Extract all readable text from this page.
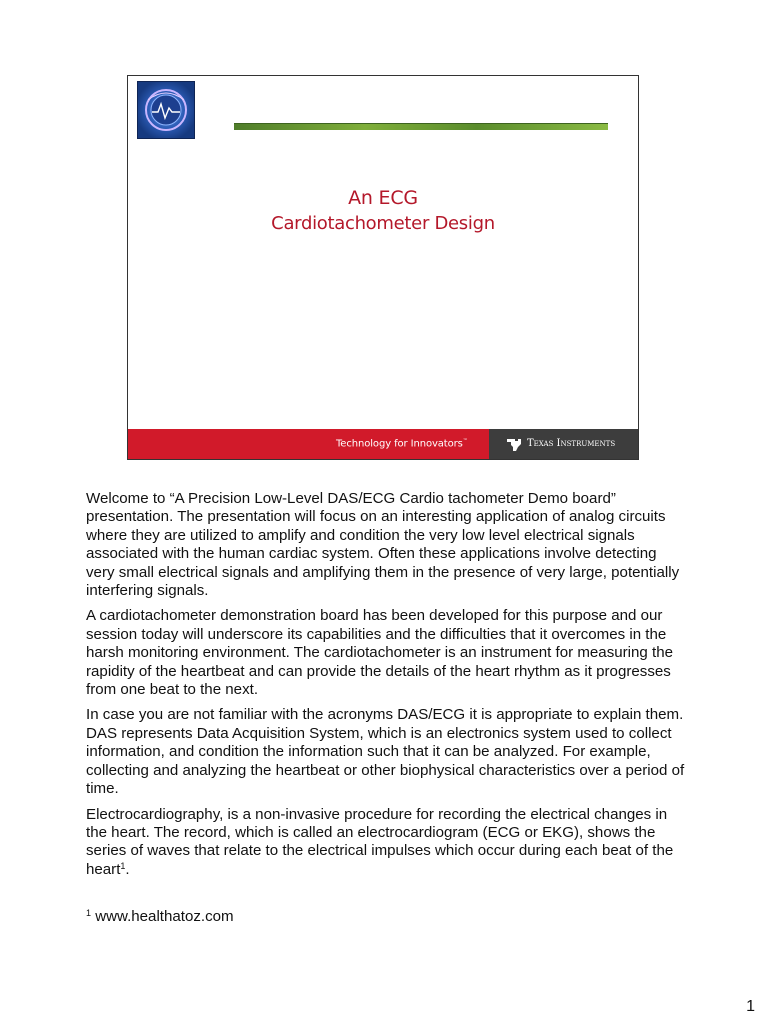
An ECG
Cardiotachometer Design
Technology for Innovators™	Texas Instruments

Welcome to “A Precision Low-Level DAS/ECG Cardio tachometer Demo board” presentation. The presentation will focus on an interesting application of analog circuits where they are utilized to amplify and condition the very low level electrical signals associated with the human cardiac system. Often these applications involve detecting very small electrical signals and amplifying them in the presence of very large, potentially interfering signals.

A cardiotachometer demonstration board has been developed for this purpose and our session today will underscore its capabilities and the difficulties that it overcomes in the harsh monitoring environment. The cardiotachometer is an instrument for measuring the rapidity of the heartbeat and can provide the details of the heart rhythm as it progresses from one beat to the next.

In case you are not familiar with the acronyms DAS/ECG it is appropriate to explain them. DAS represents Data Acquisition System, which is an electronics system used to collect information, and condition the information such that it can be analyzed. For example, collecting and analyzing the heartbeat or other biophysical characteristics over a period of time.

Electrocardiography, is a non-invasive procedure for recording the electrical changes in the heart. The record, which is called an electrocardiogram (ECG or EKG), shows the series of waves that relate to the electrical impulses which occur during each beat of the heart$^1$.

$^1$ www.healthatoz.com
1
